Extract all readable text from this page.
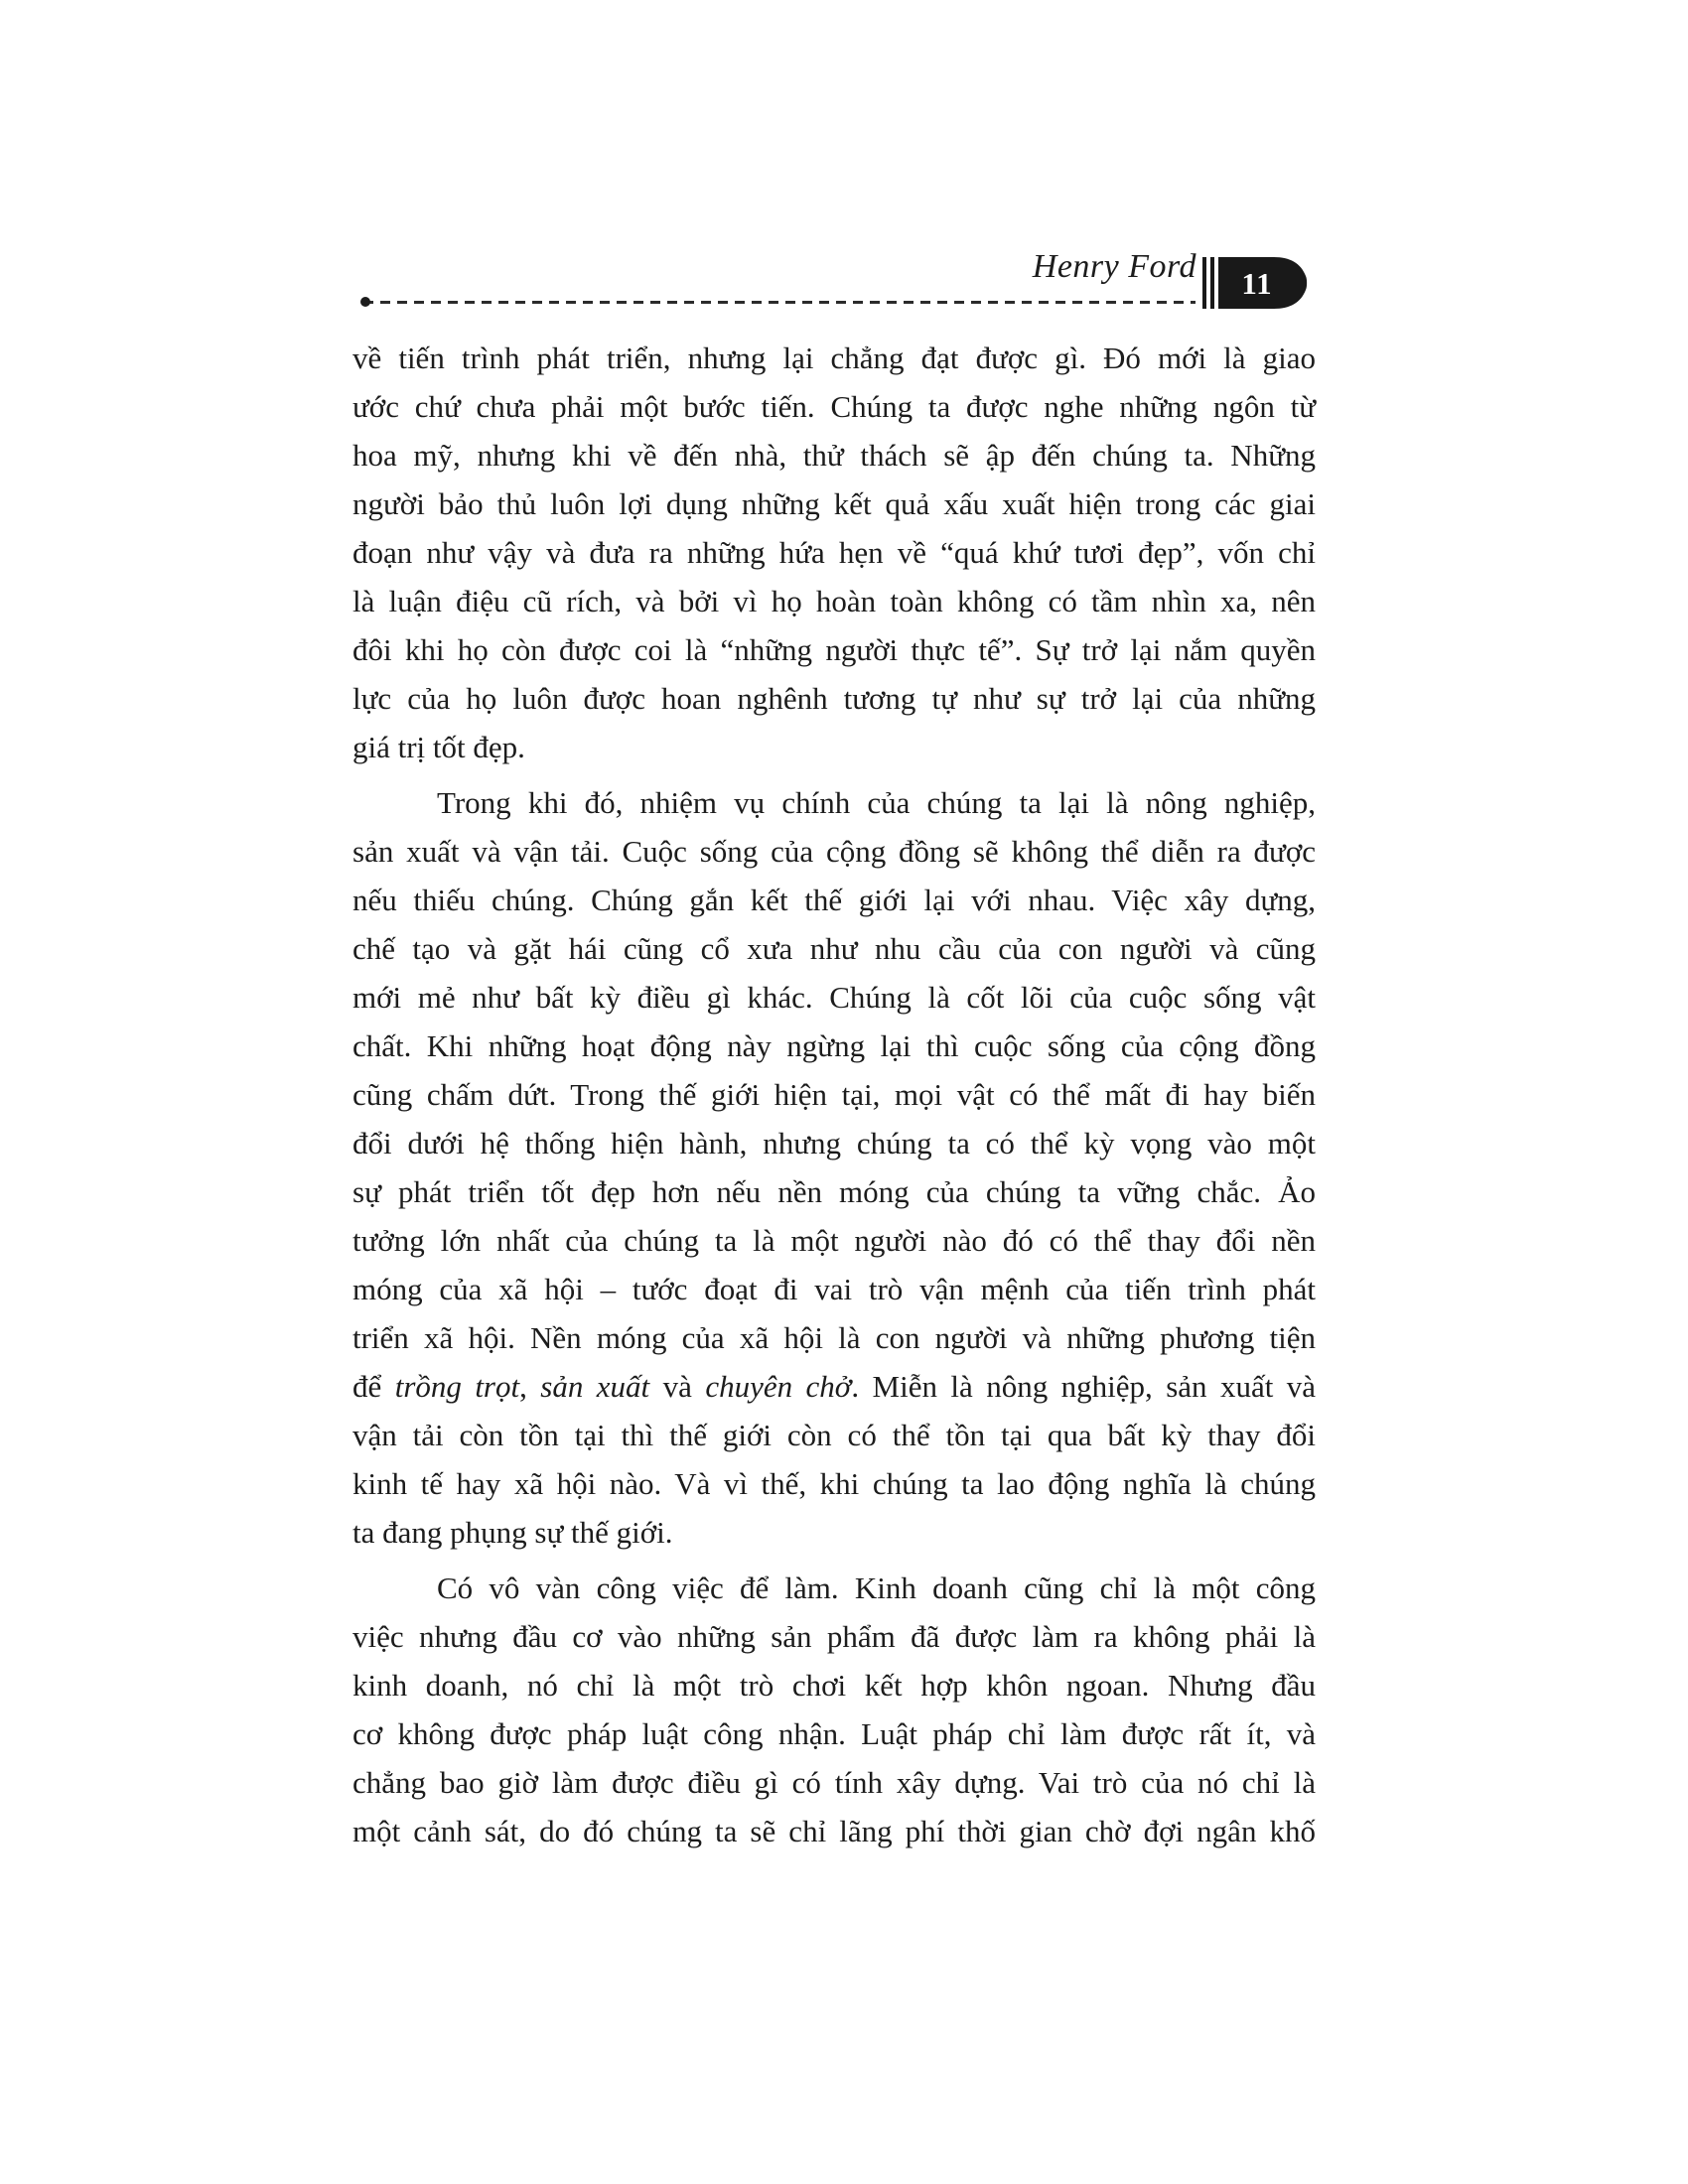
Henry Ford	11
về tiến trình phát triển, nhưng lại chẳng đạt được gì. Đó mới là giao
ước chứ chưa phải một bước tiến. Chúng ta được nghe những ngôn từ
hoa mỹ, nhưng khi về đến nhà, thử thách sẽ ập đến chúng ta. Những
người bảo thủ luôn lợi dụng những kết quả xấu xuất hiện trong các giai
đoạn như vậy và đưa ra những hứa hẹn về “quá khứ tươi đẹp”, vốn chỉ
là luận điệu cũ rích, và bởi vì họ hoàn toàn không có tầm nhìn xa, nên
đôi khi họ còn được coi là “những người thực tế”. Sự trở lại nắm quyền
lực của họ luôn được hoan nghênh tương tự như sự trở lại của những
giá trị tốt đẹp.
Trong khi đó, nhiệm vụ chính của chúng ta lại là nông nghiệp,
sản xuất và vận tải. Cuộc sống của cộng đồng sẽ không thể diễn ra được
nếu thiếu chúng. Chúng gắn kết thế giới lại với nhau. Việc xây dựng,
chế tạo và gặt hái cũng cổ xưa như nhu cầu của con người và cũng
mới mẻ như bất kỳ điều gì khác. Chúng là cốt lõi của cuộc sống vật
chất. Khi những hoạt động này ngừng lại thì cuộc sống của cộng đồng
cũng chấm dứt. Trong thế giới hiện tại, mọi vật có thể mất đi hay biến
đổi dưới hệ thống hiện hành, nhưng chúng ta có thể kỳ vọng vào một
sự phát triển tốt đẹp hơn nếu nền móng của chúng ta vững chắc. Ảo
tưởng lớn nhất của chúng ta là một người nào đó có thể thay đổi nền
móng của xã hội – tước đoạt đi vai trò vận mệnh của tiến trình phát
triển xã hội. Nền móng của xã hội là con người và những phương tiện
để trồng trọt, sản xuất và chuyên chở. Miễn là nông nghiệp, sản xuất và
vận tải còn tồn tại thì thế giới còn có thể tồn tại qua bất kỳ thay đổi
kinh tế hay xã hội nào. Và vì thế, khi chúng ta lao động nghĩa là chúng
ta đang phụng sự thế giới.
Có vô vàn công việc để làm. Kinh doanh cũng chỉ là một công
việc nhưng đầu cơ vào những sản phẩm đã được làm ra không phải là
kinh doanh, nó chỉ là một trò chơi kết hợp khôn ngoan. Nhưng đầu
cơ không được pháp luật công nhận. Luật pháp chỉ làm được rất ít, và
chẳng bao giờ làm được điều gì có tính xây dựng. Vai trò của nó chỉ là
một cảnh sát, do đó chúng ta sẽ chỉ lãng phí thời gian chờ đợi ngân khố
